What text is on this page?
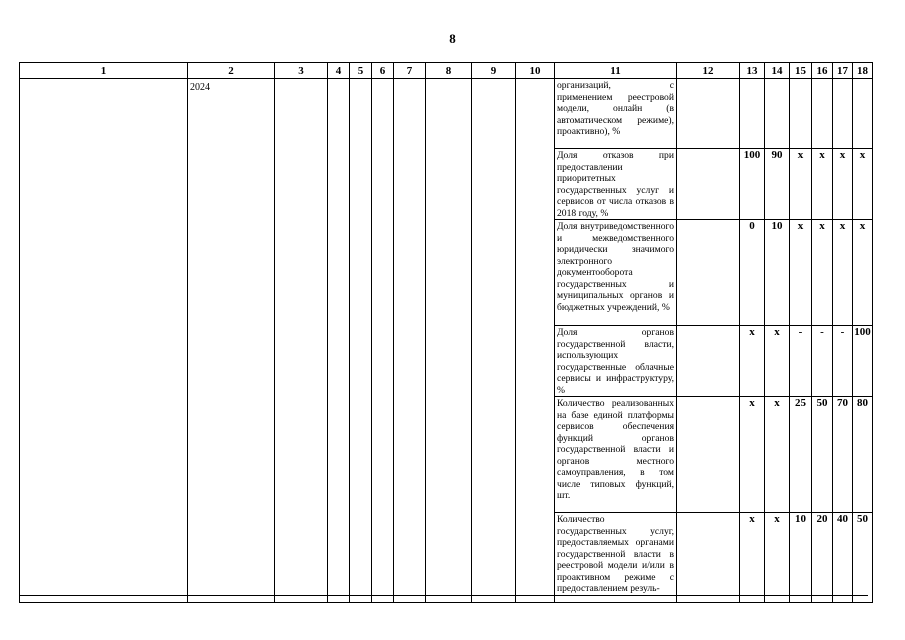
8
1	2	3	4	5	6	7	8	9	10	11	12	13	14	15	16	17	18

	2024									организаций, с применением реестровой модели, онлайн (в автоматическом режиме), проактивно), %							

										Доля отказов при предоставлении приоритетных государственных услуг и сервисов от числа отказов в 2018 году, %		100	90	x	x	x	x

										Доля внутриведомственного и межведомственного юридически значимого электронного документооборота государственных и муниципальных органов и бюджетных учреждений, %		0	10	x	x	x	x

										Доля органов государственной власти, использующих государственные облачные сервисы и инфраструктуру, %		x	x	-	-	-	100

										Количество реализованных на базе единой платформы сервисов обеспечения функций органов государственной власти и органов местного самоуправления, в том числе типовых функций, шт.		x	x	25	50	70	80

										Количество государственных услуг, предоставляемых органами государственной власти в реестровой модели и/или в проактивном режиме с предоставлением резуль-		x	x	10	20	40	50
